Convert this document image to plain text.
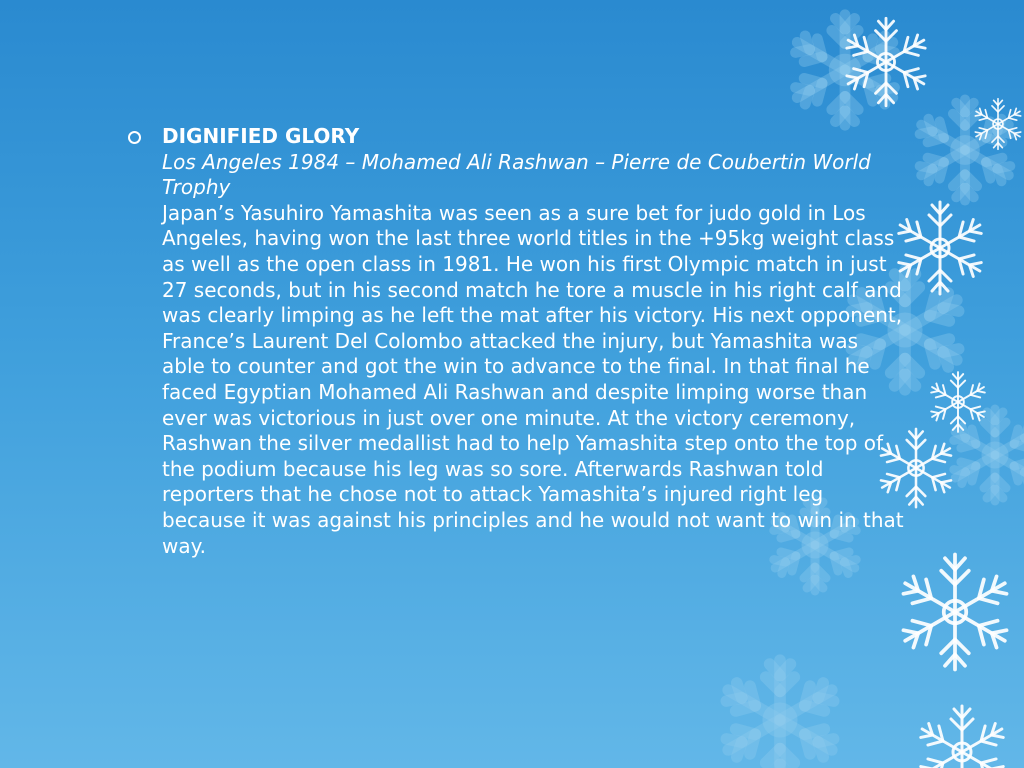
DIGNIFIED GLORY
Los Angeles 1984 – Mohamed Ali Rashwan – Pierre de Coubertin World Trophy
Japan’s Yasuhiro Yamashita was seen as a sure bet for judo gold in Los Angeles, having won the last three world titles in the +95kg weight class as well as the open class in 1981. He won his first Olympic match in just 27 seconds, but in his second match he tore a muscle in his right calf and was clearly limping as he left the mat after his victory. His next opponent, France’s Laurent Del Colombo attacked the injury, but Yamashita was able to counter and got the win to advance to the final. In that final he faced Egyptian Mohamed Ali Rashwan and despite limping worse than ever was victorious in just over one minute. At the victory ceremony, Rashwan the silver medallist had to help Yamashita step onto the top of the podium because his leg was so sore. Afterwards Rashwan told reporters that he chose not to attack Yamashita’s injured right leg because it was against his principles and he would not want to win in that way.
